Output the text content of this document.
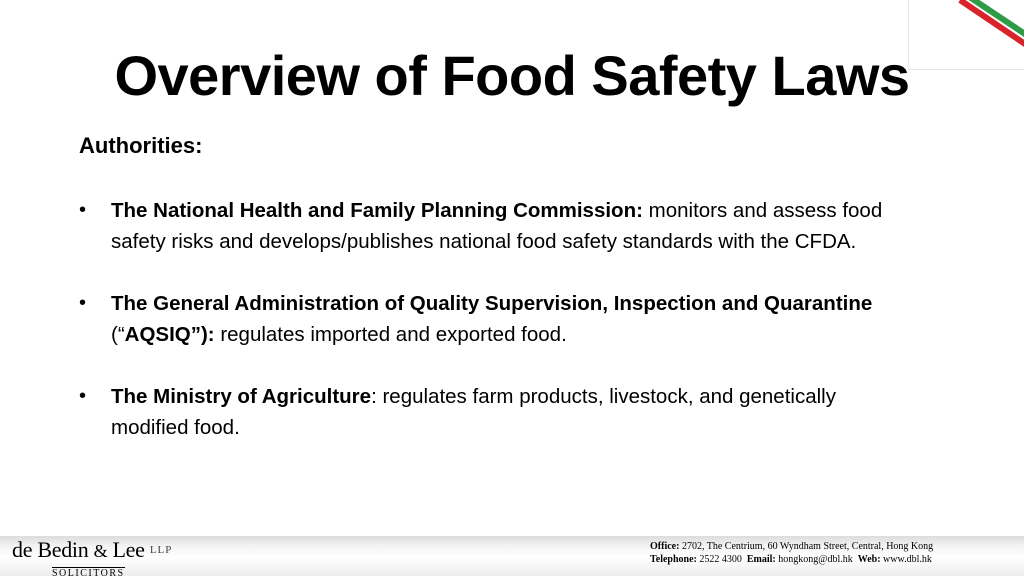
Overview of Food Safety Laws
Authorities:
• The National Health and Family Planning Commission: monitors and assess food safety risks and develops/publishes national food safety standards with the CFDA.
• The General Administration of Quality Supervision, Inspection and Quarantine (“AQSIQ”): regulates imported and exported food.
• The Ministry of Agriculture: regulates farm products, livestock, and genetically modified food.
de Bedin & Lee LLP
SOLICITORS
Office: 2702, The Centrium, 60 Wyndham Street, Central, Hong Kong
Telephone: 2522 4300 Email: hongkong@dbl.hk Web: www.dbl.hk
